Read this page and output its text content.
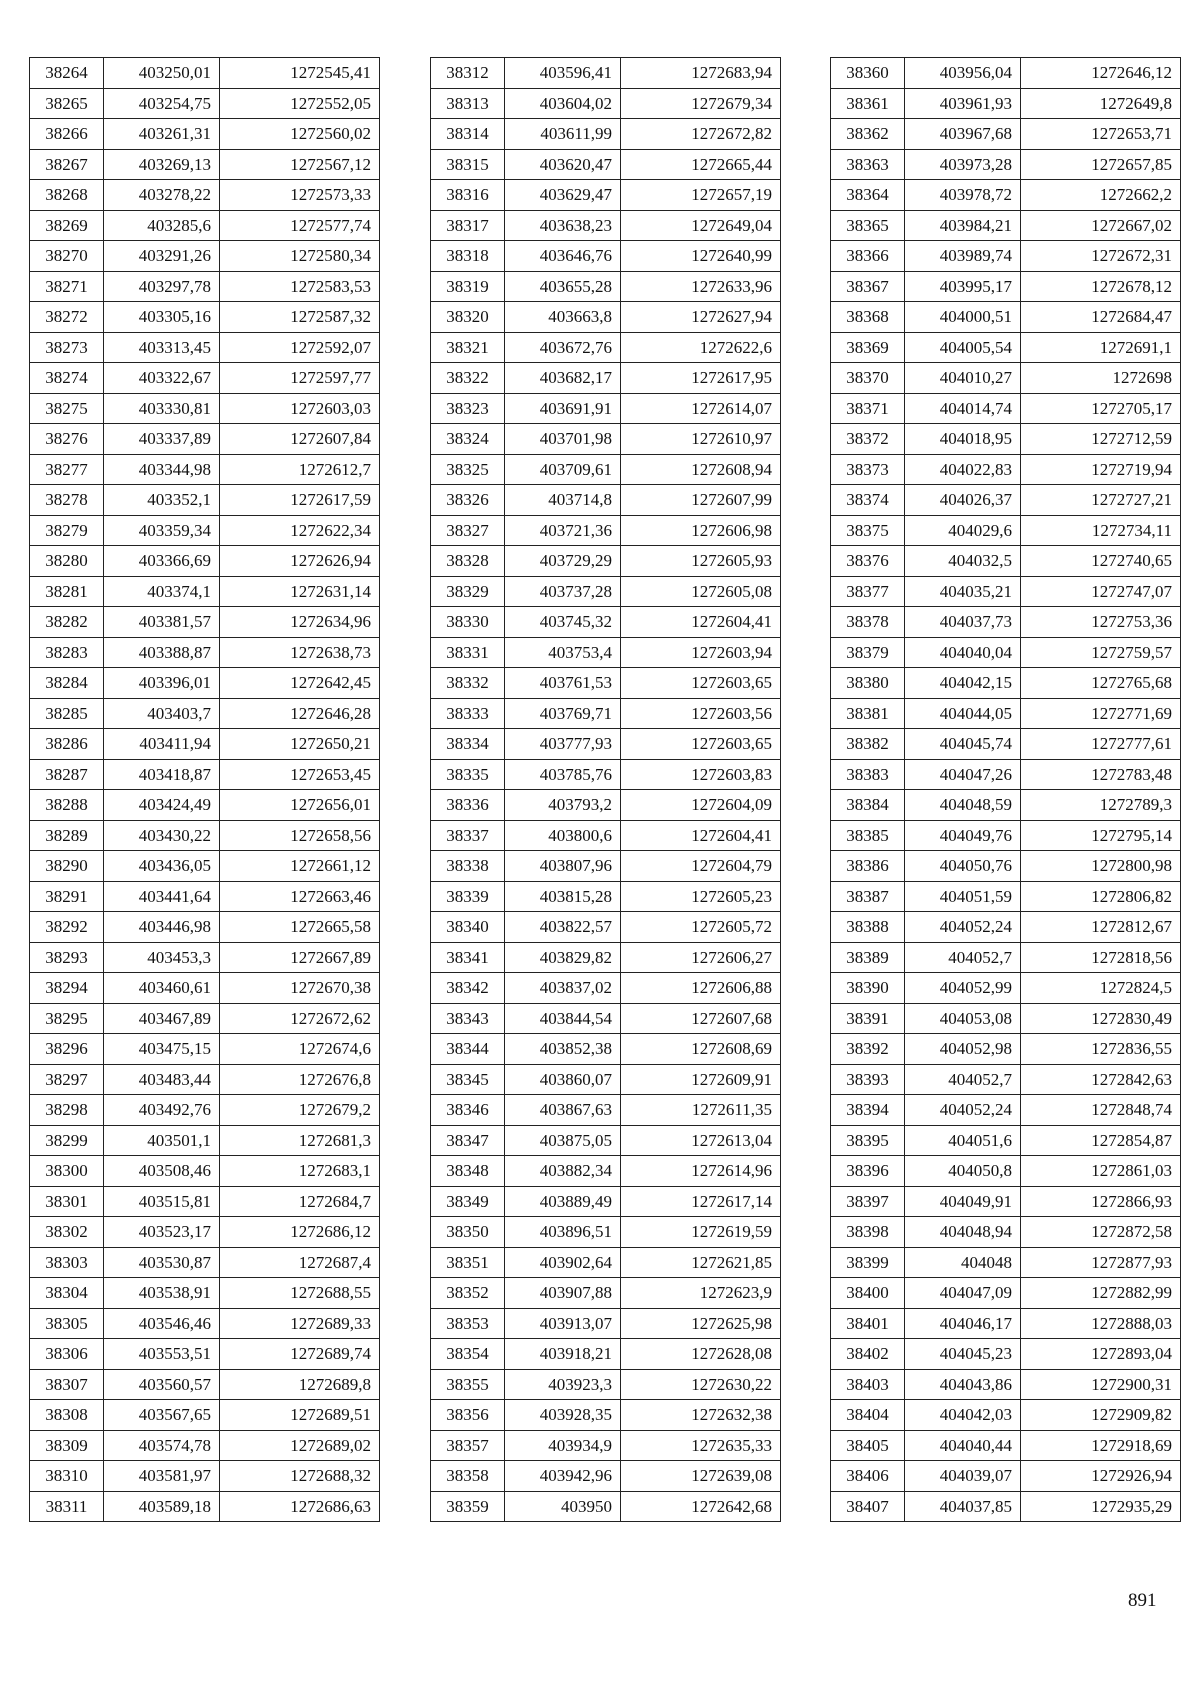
38264	403250,01	1272545,41
38265	403254,75	1272552,05
38266	403261,31	1272560,02
38267	403269,13	1272567,12
38268	403278,22	1272573,33
38269	403285,6	1272577,74
38270	403291,26	1272580,34
38271	403297,78	1272583,53
38272	403305,16	1272587,32
38273	403313,45	1272592,07
38274	403322,67	1272597,77
38275	403330,81	1272603,03
38276	403337,89	1272607,84
38277	403344,98	1272612,7
38278	403352,1	1272617,59
38279	403359,34	1272622,34
38280	403366,69	1272626,94
38281	403374,1	1272631,14
38282	403381,57	1272634,96
38283	403388,87	1272638,73
38284	403396,01	1272642,45
38285	403403,7	1272646,28
38286	403411,94	1272650,21
38287	403418,87	1272653,45
38288	403424,49	1272656,01
38289	403430,22	1272658,56
38290	403436,05	1272661,12
38291	403441,64	1272663,46
38292	403446,98	1272665,58
38293	403453,3	1272667,89
38294	403460,61	1272670,38
38295	403467,89	1272672,62
38296	403475,15	1272674,6
38297	403483,44	1272676,8
38298	403492,76	1272679,2
38299	403501,1	1272681,3
38300	403508,46	1272683,1
38301	403515,81	1272684,7
38302	403523,17	1272686,12
38303	403530,87	1272687,4
38304	403538,91	1272688,55
38305	403546,46	1272689,33
38306	403553,51	1272689,74
38307	403560,57	1272689,8
38308	403567,65	1272689,51
38309	403574,78	1272689,02
38310	403581,97	1272688,32
38311	403589,18	1272686,63
38312	403596,41	1272683,94
38313	403604,02	1272679,34
38314	403611,99	1272672,82
38315	403620,47	1272665,44
38316	403629,47	1272657,19
38317	403638,23	1272649,04
38318	403646,76	1272640,99
38319	403655,28	1272633,96
38320	403663,8	1272627,94
38321	403672,76	1272622,6
38322	403682,17	1272617,95
38323	403691,91	1272614,07
38324	403701,98	1272610,97
38325	403709,61	1272608,94
38326	403714,8	1272607,99
38327	403721,36	1272606,98
38328	403729,29	1272605,93
38329	403737,28	1272605,08
38330	403745,32	1272604,41
38331	403753,4	1272603,94
38332	403761,53	1272603,65
38333	403769,71	1272603,56
38334	403777,93	1272603,65
38335	403785,76	1272603,83
38336	403793,2	1272604,09
38337	403800,6	1272604,41
38338	403807,96	1272604,79
38339	403815,28	1272605,23
38340	403822,57	1272605,72
38341	403829,82	1272606,27
38342	403837,02	1272606,88
38343	403844,54	1272607,68
38344	403852,38	1272608,69
38345	403860,07	1272609,91
38346	403867,63	1272611,35
38347	403875,05	1272613,04
38348	403882,34	1272614,96
38349	403889,49	1272617,14
38350	403896,51	1272619,59
38351	403902,64	1272621,85
38352	403907,88	1272623,9
38353	403913,07	1272625,98
38354	403918,21	1272628,08
38355	403923,3	1272630,22
38356	403928,35	1272632,38
38357	403934,9	1272635,33
38358	403942,96	1272639,08
38359	403950	1272642,68
38360	403956,04	1272646,12
38361	403961,93	1272649,8
38362	403967,68	1272653,71
38363	403973,28	1272657,85
38364	403978,72	1272662,2
38365	403984,21	1272667,02
38366	403989,74	1272672,31
38367	403995,17	1272678,12
38368	404000,51	1272684,47
38369	404005,54	1272691,1
38370	404010,27	1272698
38371	404014,74	1272705,17
38372	404018,95	1272712,59
38373	404022,83	1272719,94
38374	404026,37	1272727,21
38375	404029,6	1272734,11
38376	404032,5	1272740,65
38377	404035,21	1272747,07
38378	404037,73	1272753,36
38379	404040,04	1272759,57
38380	404042,15	1272765,68
38381	404044,05	1272771,69
38382	404045,74	1272777,61
38383	404047,26	1272783,48
38384	404048,59	1272789,3
38385	404049,76	1272795,14
38386	404050,76	1272800,98
38387	404051,59	1272806,82
38388	404052,24	1272812,67
38389	404052,7	1272818,56
38390	404052,99	1272824,5
38391	404053,08	1272830,49
38392	404052,98	1272836,55
38393	404052,7	1272842,63
38394	404052,24	1272848,74
38395	404051,6	1272854,87
38396	404050,8	1272861,03
38397	404049,91	1272866,93
38398	404048,94	1272872,58
38399	404048	1272877,93
38400	404047,09	1272882,99
38401	404046,17	1272888,03
38402	404045,23	1272893,04
38403	404043,86	1272900,31
38404	404042,03	1272909,82
38405	404040,44	1272918,69
38406	404039,07	1272926,94
38407	404037,85	1272935,29
891
